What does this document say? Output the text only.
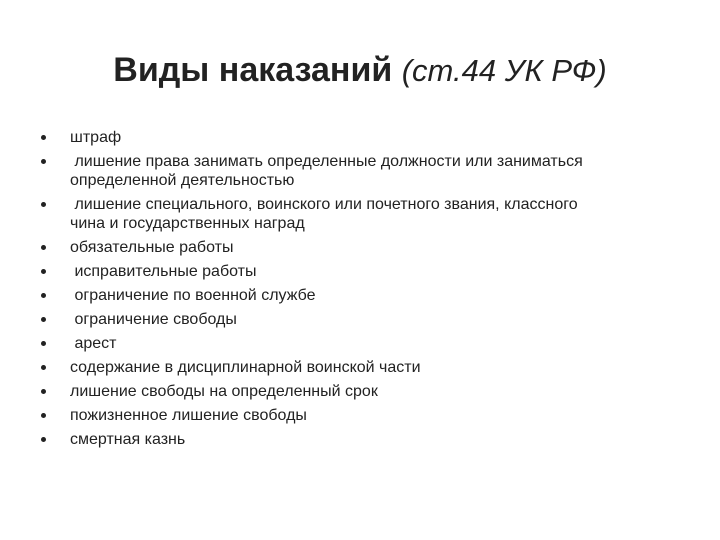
Виды наказаний (ст.44 УК РФ)
штраф
лишение права занимать определенные должности или заниматься
определенной деятельностью
лишение специального, воинского или почетного звания, классного
чина и государственных наград
обязательные работы
исправительные работы
ограничение по военной службе
ограничение свободы
арест
содержание в дисциплинарной воинской части
лишение свободы на определенный срок
пожизненное лишение свободы
смертная казнь
